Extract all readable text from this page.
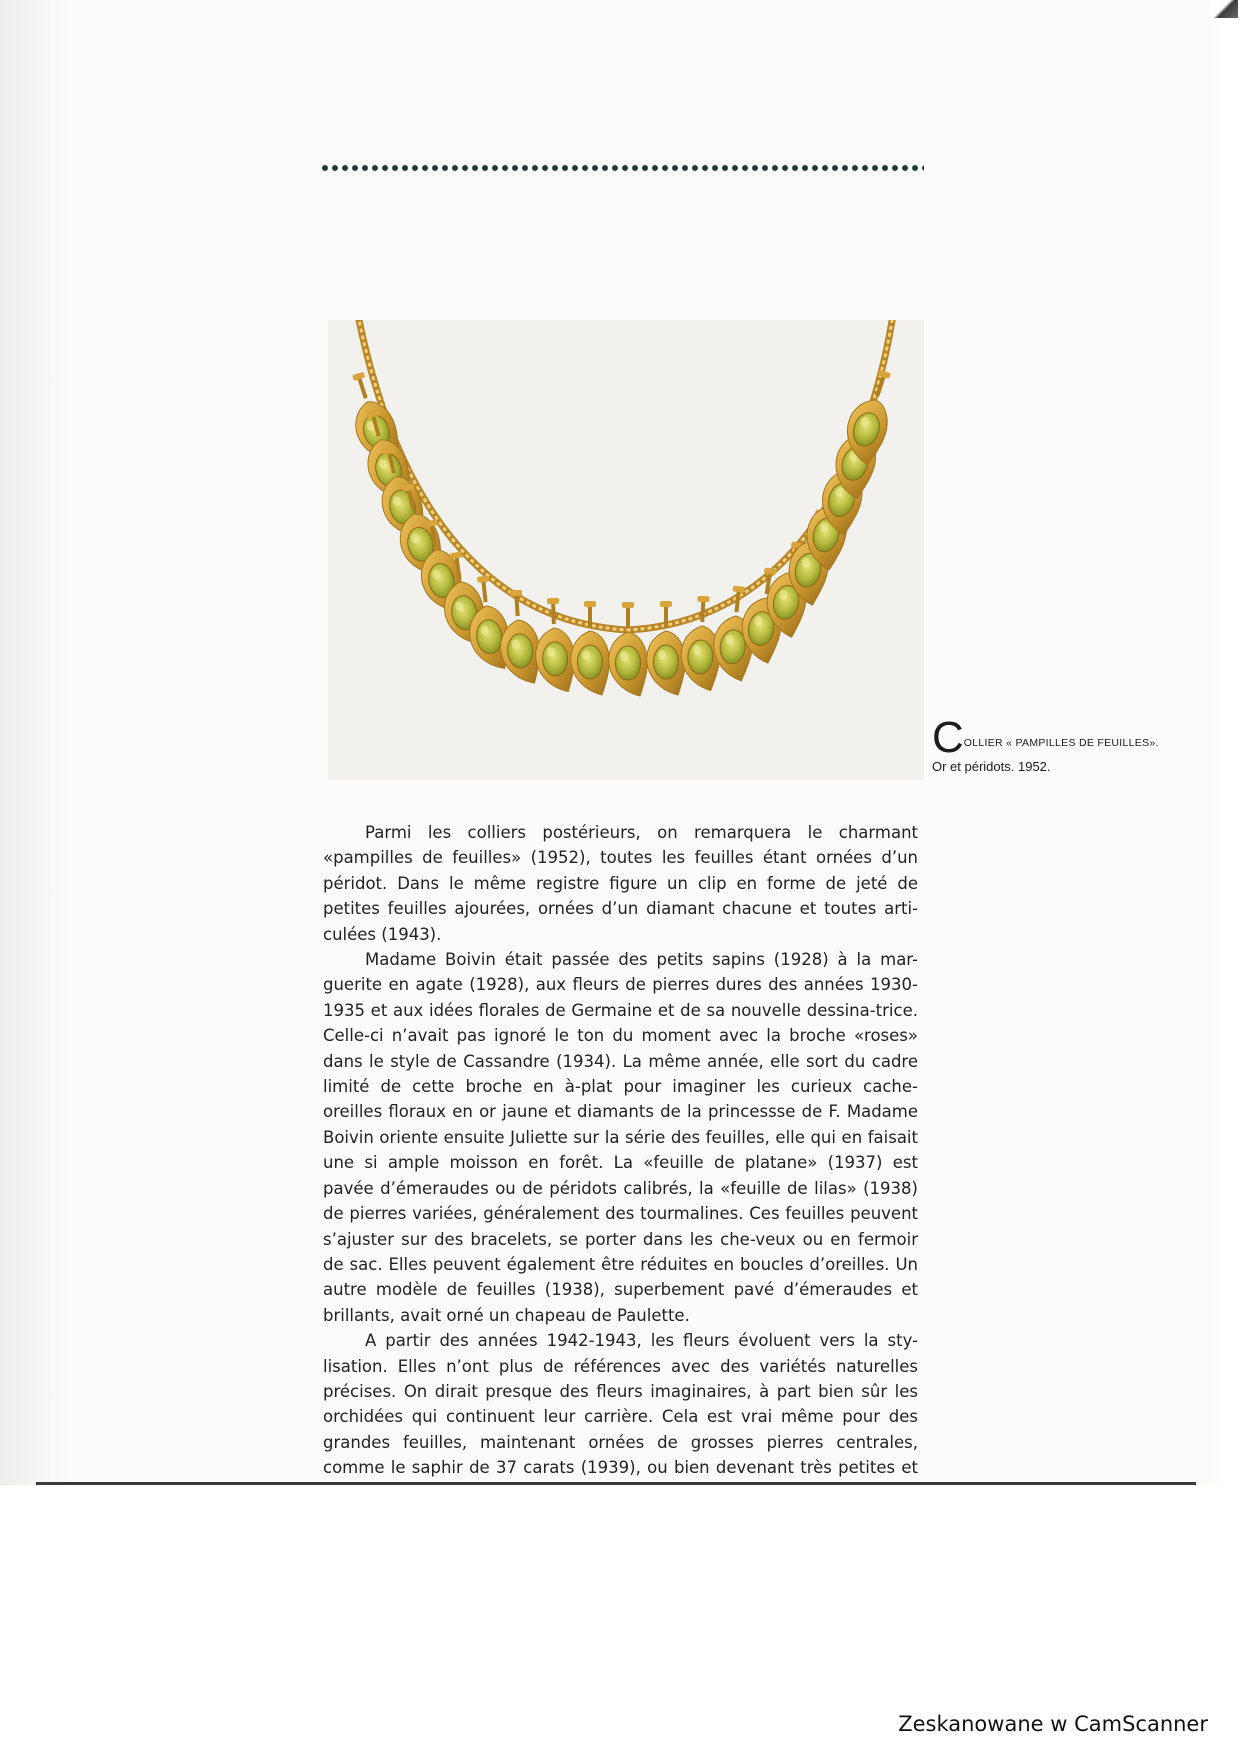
COLLIER « PAMPILLES DE FEUILLES».
Or et péridots. 1952.

Parmi les colliers postérieurs, on remarquera le charmant «pampilles de feuilles» (1952), toutes les feuilles étant ornées d’un péridot. Dans le même registre figure un clip en forme de jeté de petites feuilles ajourées, ornées d’un diamant chacune et toutes arti-culées (1943).

Madame Boivin était passée des petits sapins (1928) à la mar-guerite en agate (1928), aux fleurs de pierres dures des années 1930-1935 et aux idées florales de Germaine et de sa nouvelle dessina-trice. Celle-ci n’avait pas ignoré le ton du moment avec la broche «roses» dans le style de Cassandre (1934). La même année, elle sort du cadre limité de cette broche en à-plat pour imaginer les curieux cache-oreilles floraux en or jaune et diamants de la princessse de F. Madame Boivin oriente ensuite Juliette sur la série des feuilles, elle qui en faisait une si ample moisson en forêt. La «feuille de platane» (1937) est pavée d’émeraudes ou de péridots calibrés, la «feuille de lilas» (1938) de pierres variées, généralement des tourmalines. Ces feuilles peuvent s’ajuster sur des bracelets, se porter dans les che-veux ou en fermoir de sac. Elles peuvent également être réduites en boucles d’oreilles. Un autre modèle de feuilles (1938), superbement pavé d’émeraudes et brillants, avait orné un chapeau de Paulette.

A partir des années 1942-1943, les fleurs évoluent vers la sty-lisation. Elles n’ont plus de références avec des variétés naturelles précises. On dirait presque des fleurs imaginaires, à part bien sûr les orchidées qui continuent leur carrière. Cela est vrai même pour des grandes feuilles, maintenant ornées de grosses pierres centrales, comme le saphir de 37 carats (1939), ou bien devenant très petites et

Zeskanowane w CamScanner
